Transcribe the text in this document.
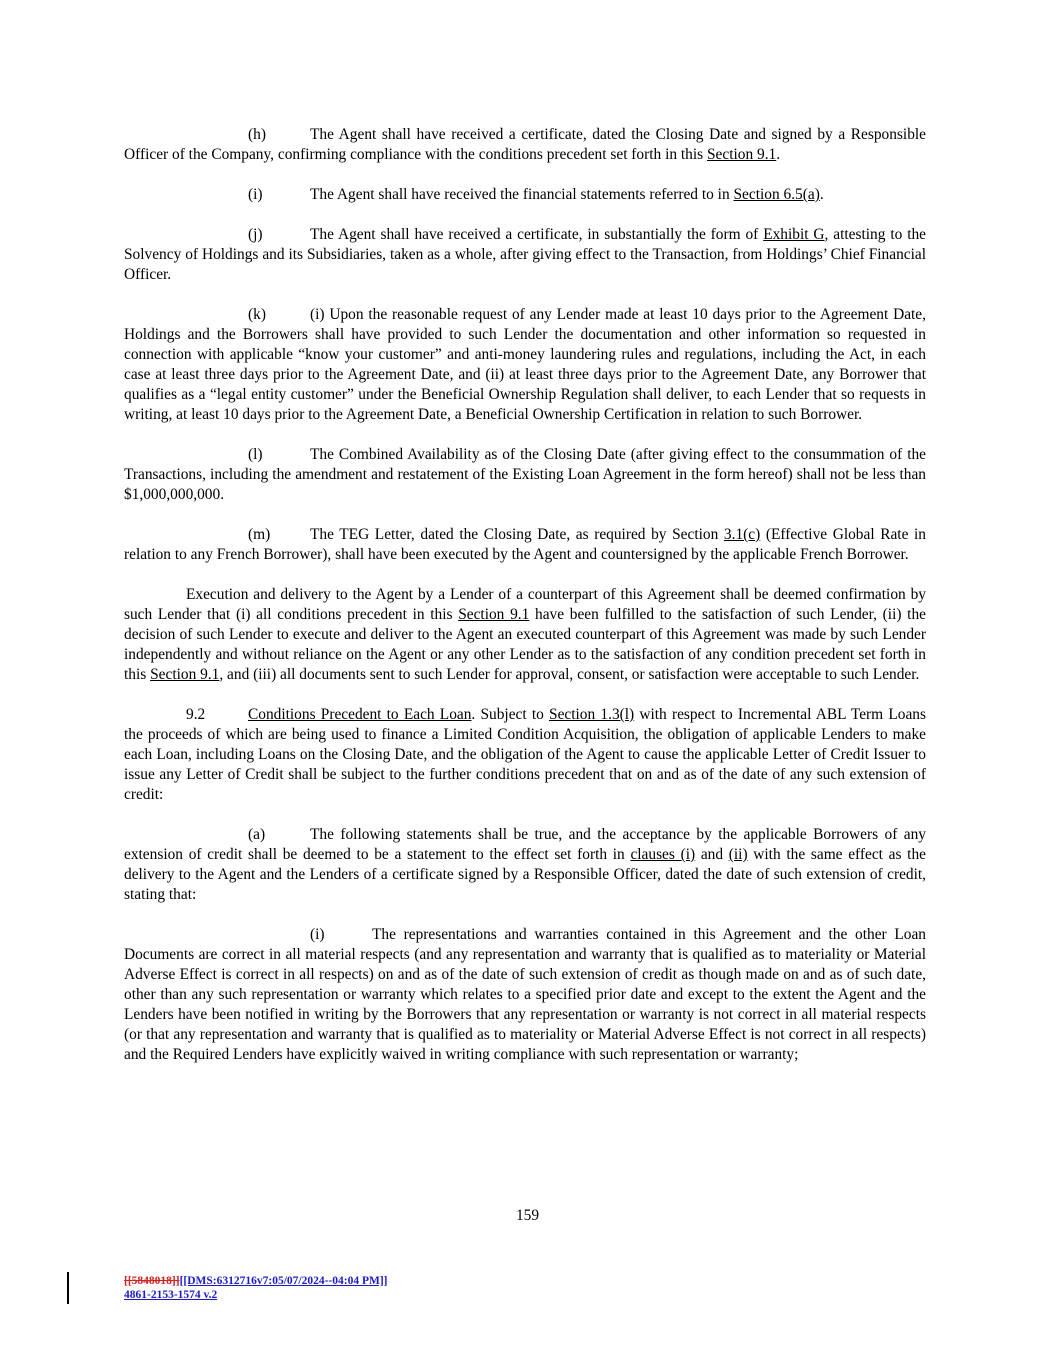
(h)	The Agent shall have received a certificate, dated the Closing Date and signed by a Responsible Officer of the Company, confirming compliance with the conditions precedent set forth in this Section 9.1.

(i)	The Agent shall have received the financial statements referred to in Section 6.5(a).

(j)	The Agent shall have received a certificate, in substantially the form of Exhibit G, attesting to the Solvency of Holdings and its Subsidiaries, taken as a whole, after giving effect to the Transaction, from Holdings’ Chief Financial Officer.

(k)	(i) Upon the reasonable request of any Lender made at least 10 days prior to the Agreement Date, Holdings and the Borrowers shall have provided to such Lender the documentation and other information so requested in connection with applicable “know your customer” and anti-money laundering rules and regulations, including the Act, in each case at least three days prior to the Agreement Date, and (ii) at least three days prior to the Agreement Date, any Borrower that qualifies as a “legal entity customer” under the Beneficial Ownership Regulation shall deliver, to each Lender that so requests in writing, at least 10 days prior to the Agreement Date, a Beneficial Ownership Certification in relation to such Borrower.

(l)	The Combined Availability as of the Closing Date (after giving effect to the consummation of the Transactions, including the amendment and restatement of the Existing Loan Agreement in the form hereof) shall not be less than $1,000,000,000.

(m)	The TEG Letter, dated the Closing Date, as required by Section 3.1(c) (Effective Global Rate in relation to any French Borrower), shall have been executed by the Agent and countersigned by the applicable French Borrower.

Execution and delivery to the Agent by a Lender of a counterpart of this Agreement shall be deemed confirmation by such Lender that (i) all conditions precedent in this Section 9.1 have been fulfilled to the satisfaction of such Lender, (ii) the decision of such Lender to execute and deliver to the Agent an executed counterpart of this Agreement was made by such Lender independently and without reliance on the Agent or any other Lender as to the satisfaction of any condition precedent set forth in this Section 9.1, and (iii) all documents sent to such Lender for approval, consent, or satisfaction were acceptable to such Lender.

9.2	Conditions Precedent to Each Loan. Subject to Section 1.3(l) with respect to Incremental ABL Term Loans the proceeds of which are being used to finance a Limited Condition Acquisition, the obligation of applicable Lenders to make each Loan, including Loans on the Closing Date, and the obligation of the Agent to cause the applicable Letter of Credit Issuer to issue any Letter of Credit shall be subject to the further conditions precedent that on and as of the date of any such extension of credit:

(a)	The following statements shall be true, and the acceptance by the applicable Borrowers of any extension of credit shall be deemed to be a statement to the effect set forth in clauses (i) and (ii) with the same effect as the delivery to the Agent and the Lenders of a certificate signed by a Responsible Officer, dated the date of such extension of credit, stating that:

(i)	The representations and warranties contained in this Agreement and the other Loan Documents are correct in all material respects (and any representation and warranty that is qualified as to materiality or Material Adverse Effect is correct in all respects) on and as of the date of such extension of credit as though made on and as of such date, other than any such representation or warranty which relates to a specified prior date and except to the extent the Agent and the Lenders have been notified in writing by the Borrowers that any representation or warranty is not correct in all material respects (or that any representation and warranty that is qualified as to materiality or Material Adverse Effect is not correct in all respects) and the Required Lenders have explicitly waived in writing compliance with such representation or warranty;

159
[[5848018]][[DMS:6312716v7:05/07/2024--04:04 PM]]
4861-2153-1574 v.2
